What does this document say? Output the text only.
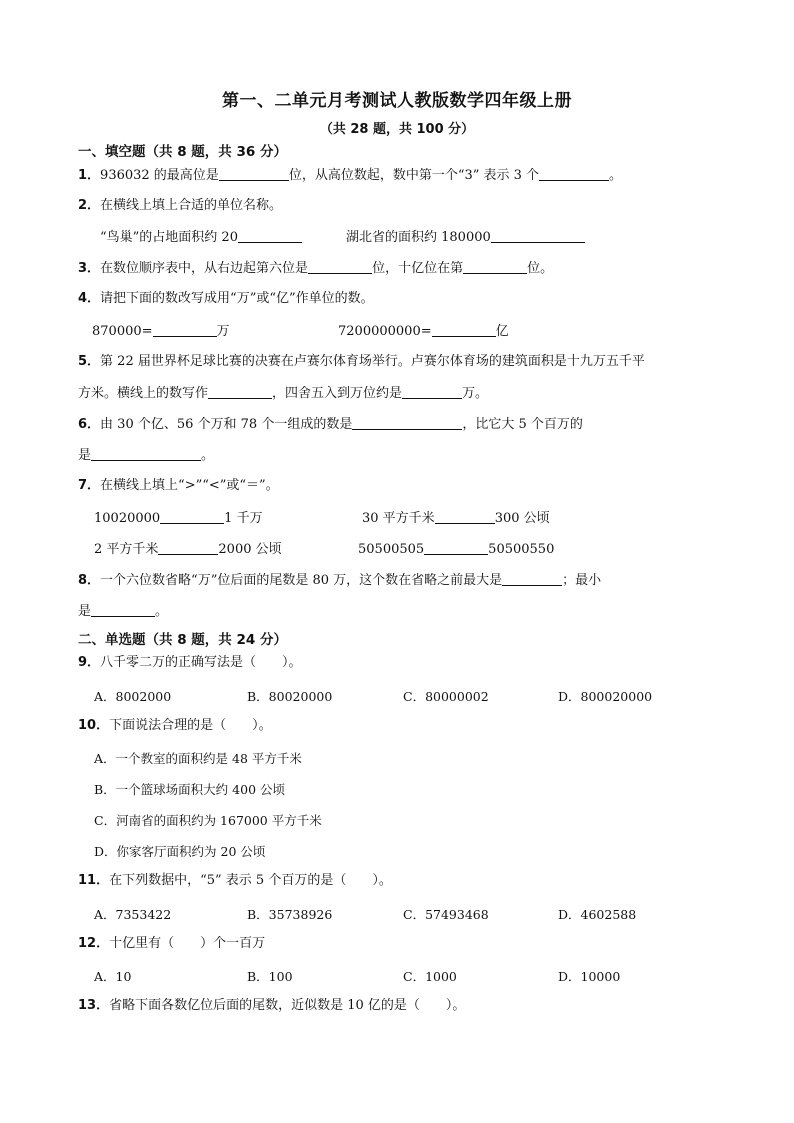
第一、二单元月考测试人教版数学四年级上册
（共 28 题，共 100 分）
一、填空题（共 8 题，共 36 分）
1．936032 的最高位是	位，从高位数起，数中第一个“3” 表示 3 个	。
2．在横线上填上合适的单位名称。
“鸟巢”的占地面积约 20	湖北省的面积约 180000
3．在数位顺序表中，从右边起第六位是	位，十亿位在第	位。
4．请把下面的数改写成用“万”或“亿”作单位的数。
870000=	万	7200000000=	亿
5．第 22 届世界杯足球比赛的决赛在卢赛尔体育场举行。卢赛尔体育场的建筑面积是十九万五千平
方米。横线上的数写作	，四舍五入到万位约是	万。
6．由 30 个亿、56 个万和 78 个一组成的数是	，比它大 5 个百万的
是	。
7．在横线上填上“>”“<”或“＝”。
10020000	1 千万	30 平方千米	300 公顷
2 平方千米	2000 公顷	50500505	50500550
8．一个六位数省略“万”位后面的尾数是 80 万，这个数在省略之前最大是	；最小
是	。
二、单选题（共 8 题，共 24 分）
9．八千零二万的正确写法是（　　）。
A．8002000	B．80020000	C．80000002	D．800020000
10．下面说法合理的是（　　）。
A．一个教室的面积约是 48 平方千米
B．一个篮球场面积大约 400 公顷
C．河南省的面积约为 167000 平方千米
D．你家客厅面积约为 20 公顷
11．在下列数据中，“5” 表示 5 个百万的是（　　）。
A．7353422	B．35738926	C．57493468	D．4602588
12．十亿里有（　　）个一百万
A．10	B．100	C．1000	D．10000
13．省略下面各数亿位后面的尾数，近似数是 10 亿的是（　　）。
